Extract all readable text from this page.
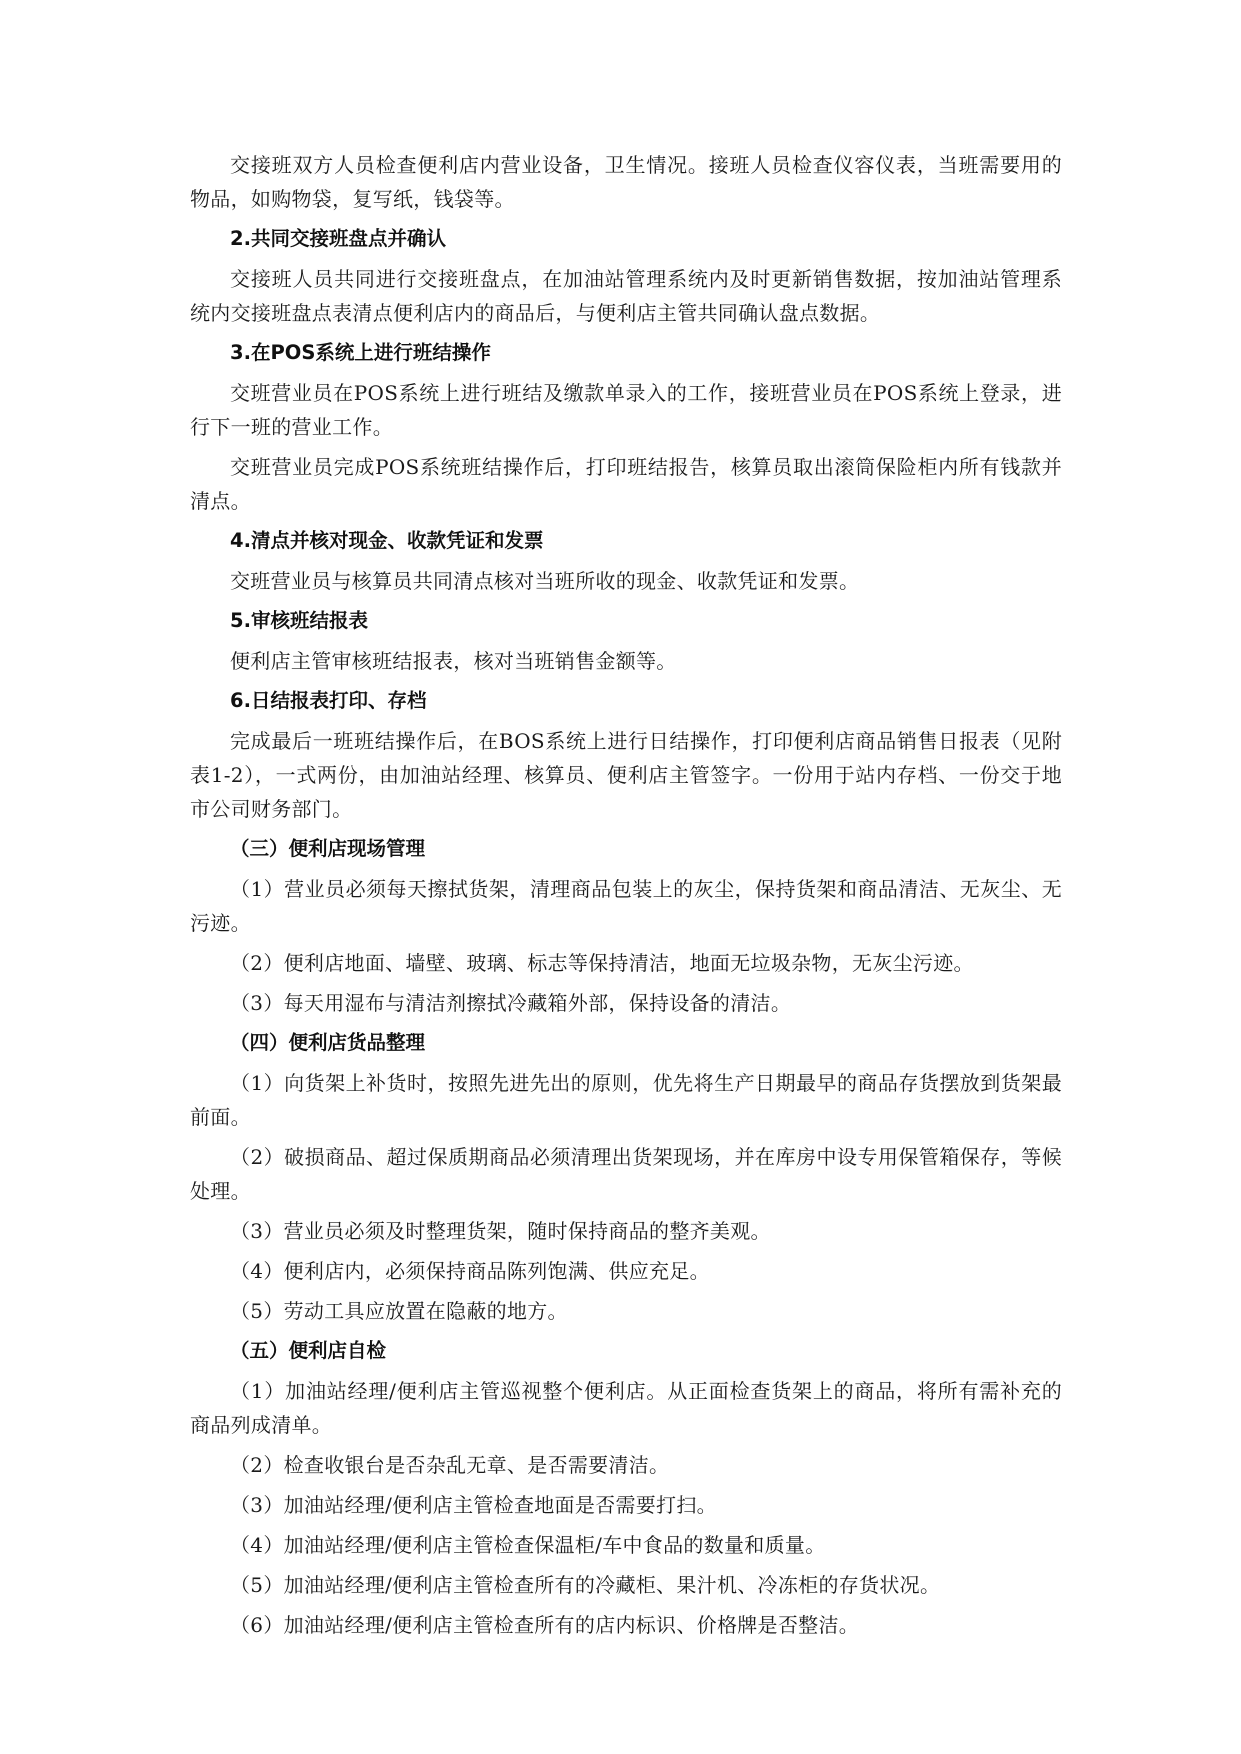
交接班双方人员检查便利店内营业设备，卫生情况。接班人员检查仪容仪表，当班需要用的物品，如购物袋，复写纸，钱袋等。

2.共同交接班盘点并确认

交接班人员共同进行交接班盘点，在加油站管理系统内及时更新销售数据，按加油站管理系统内交接班盘点表清点便利店内的商品后，与便利店主管共同确认盘点数据。

3.在POS系统上进行班结操作

交班营业员在POS系统上进行班结及缴款单录入的工作，接班营业员在POS系统上登录，进行下一班的营业工作。

交班营业员完成POS系统班结操作后，打印班结报告，核算员取出滚筒保险柜内所有钱款并清点。

4.清点并核对现金、收款凭证和发票

交班营业员与核算员共同清点核对当班所收的现金、收款凭证和发票。

5.审核班结报表

便利店主管审核班结报表，核对当班销售金额等。

6.日结报表打印、存档

完成最后一班班结操作后，在BOS系统上进行日结操作，打印便利店商品销售日报表（见附表1-2），一式两份，由加油站经理、核算员、便利店主管签字。一份用于站内存档、一份交于地市公司财务部门。

（三）便利店现场管理

（1）营业员必须每天擦拭货架，清理商品包装上的灰尘，保持货架和商品清洁、无灰尘、无污迹。

（2）便利店地面、墙壁、玻璃、标志等保持清洁，地面无垃圾杂物，无灰尘污迹。

（3）每天用湿布与清洁剂擦拭冷藏箱外部，保持设备的清洁。

（四）便利店货品整理

（1）向货架上补货时，按照先进先出的原则，优先将生产日期最早的商品存货摆放到货架最前面。

（2）破损商品、超过保质期商品必须清理出货架现场，并在库房中设专用保管箱保存，等候处理。

（3）营业员必须及时整理货架，随时保持商品的整齐美观。

（4）便利店内，必须保持商品陈列饱满、供应充足。

（5）劳动工具应放置在隐蔽的地方。

（五）便利店自检

（1）加油站经理/便利店主管巡视整个便利店。从正面检查货架上的商品，将所有需补充的商品列成清单。

（2）检查收银台是否杂乱无章、是否需要清洁。

（3）加油站经理/便利店主管检查地面是否需要打扫。

（4）加油站经理/便利店主管检查保温柜/车中食品的数量和质量。

（5）加油站经理/便利店主管检查所有的冷藏柜、果汁机、冷冻柜的存货状况。

（6）加油站经理/便利店主管检查所有的店内标识、价格牌是否整洁。
